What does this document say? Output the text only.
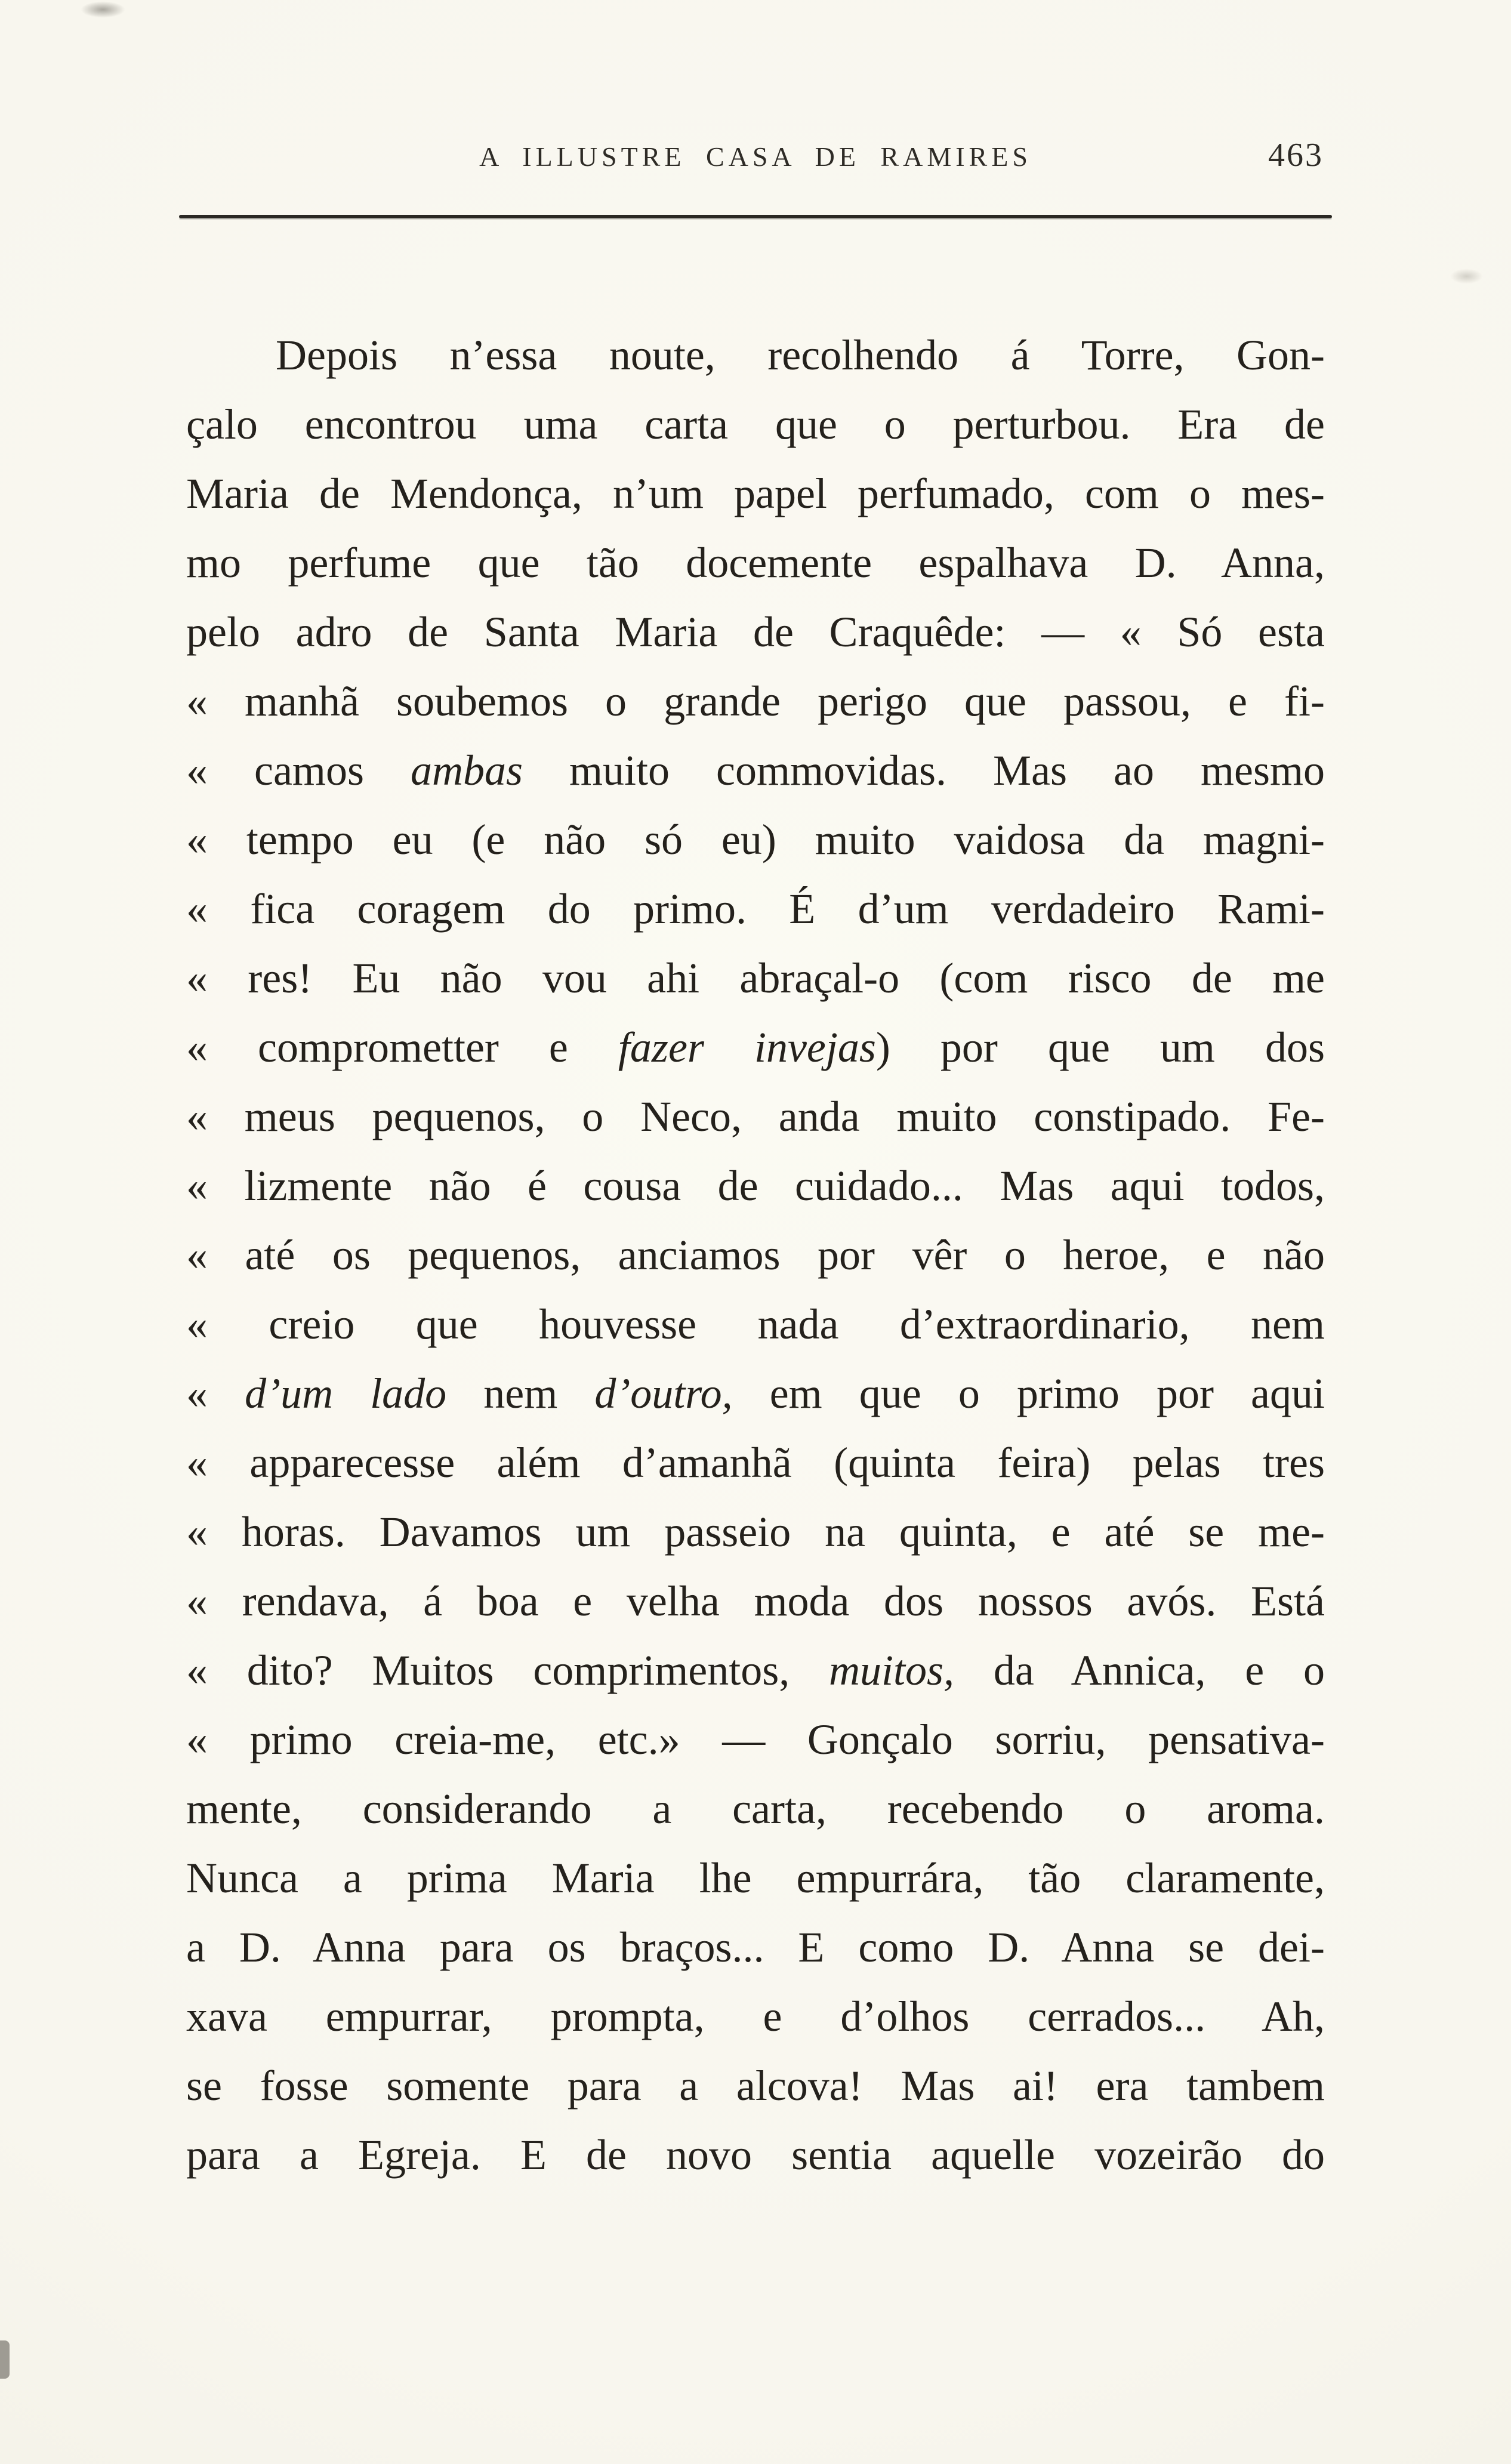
A ILLUSTRE CASA DE RAMIRES	463
Depois n’essa noute, recolhendo á Torre, Gon-
çalo encontrou uma carta que o perturbou. Era de
Maria de Mendonça, n’um papel perfumado, com o mes-
mo perfume que tão docemente espalhava D. Anna,
pelo adro de Santa Maria de Craquêde: — « Só esta
« manhã soubemos o grande perigo que passou, e fi-
« camos ambas muito commovidas. Mas ao mesmo
« tempo eu (e não só eu) muito vaidosa da magni-
« fica coragem do primo. É d’um verdadeiro Rami-
« res! Eu não vou ahi abraçal-o (com risco de me
« comprometter e fazer invejas) por que um dos
« meus pequenos, o Neco, anda muito constipado. Fe-
« lizmente não é cousa de cuidado... Mas aqui todos,
« até os pequenos, anciamos por vêr o heroe, e não
« creio que houvesse nada d’extraordinario, nem
« d’um lado nem d’outro, em que o primo por aqui
« apparecesse além d’amanhã (quinta feira) pelas tres
« horas. Davamos um passeio na quinta, e até se me-
« rendava, á boa e velha moda dos nossos avós. Está
« dito? Muitos comprimentos, muitos, da Annica, e o
« primo creia-me, etc.» — Gonçalo sorriu, pensativa-
mente, considerando a carta, recebendo o aroma.
Nunca a prima Maria lhe empurrára, tão claramente,
a D. Anna para os braços... E como D. Anna se dei-
xava empurrar, prompta, e d’olhos cerrados... Ah,
se fosse somente para a alcova! Mas ai! era tambem
para a Egreja. E de novo sentia aquelle vozeirão do
